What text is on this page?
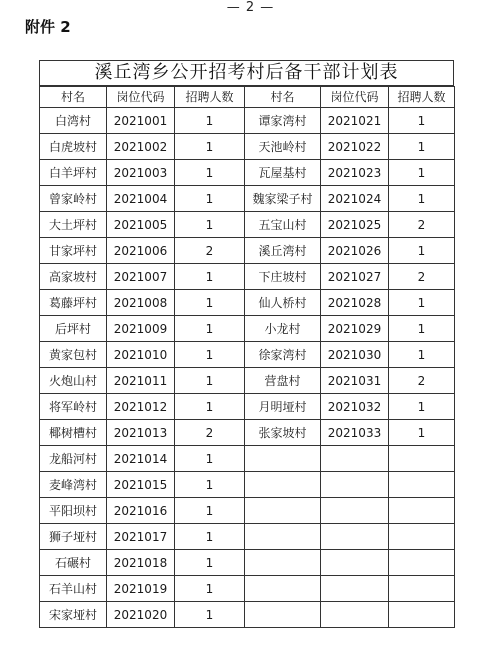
— 2 —
附件 2
溪丘湾乡公开招考村后备干部计划表
村名	岗位代码	招聘人数	村名	岗位代码	招聘人数
白湾村	2021001	1	谭家湾村	2021021	1
白虎坡村	2021002	1	天池岭村	2021022	1
白羊坪村	2021003	1	瓦屋基村	2021023	1
曾家岭村	2021004	1	魏家梁子村	2021024	1
大土坪村	2021005	1	五宝山村	2021025	2
甘家坪村	2021006	2	溪丘湾村	2021026	1
高家坡村	2021007	1	下庄坡村	2021027	2
葛藤坪村	2021008	1	仙人桥村	2021028	1
后坪村	2021009	1	小龙村	2021029	1
黄家包村	2021010	1	徐家湾村	2021030	1
火炮山村	2021011	1	营盘村	2021031	2
将军岭村	2021012	1	月明垭村	2021032	1
椰树槽村	2021013	2	张家坡村	2021033	1
龙船河村	2021014	1			
麦峰湾村	2021015	1			
平阳坝村	2021016	1			
狮子垭村	2021017	1			
石碾村	2021018	1			
石羊山村	2021019	1			
宋家垭村	2021020	1			
